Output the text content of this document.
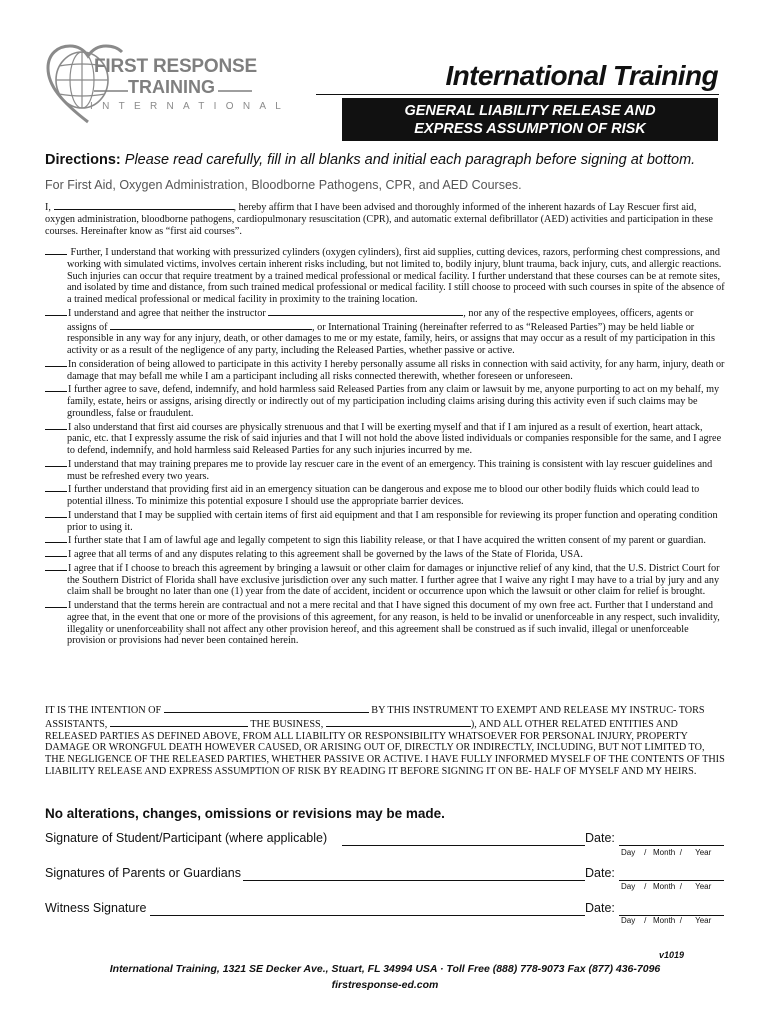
FIRST RESPONSE
TRAINING
INTERNATIONAL
International Training
GENERAL LIABILITY RELEASE AND
EXPRESS ASSUMPTION OF RISK
Directions: Please read carefully, fill in all blanks and initial each paragraph before signing at bottom.
For First Aid, Oxygen Administration, Bloodborne Pathogens, CPR, and AED Courses.
I,	, hereby affirm that I have been advised and thoroughly informed of the inherent hazards of Lay Rescuer first aid, oxygen administration, bloodborne pathogens, cardiopulmonary resuscitation (CPR), and automatic external defibrillator (AED) activities and participation in these courses. Hereinafter know as “first aid courses”.
Further, I understand that working with pressurized cylinders (oxygen cylinders), first aid supplies, cutting devices, razors, performing chest compressions, and working with simulated victims, involves certain inherent risks including, but not limited to, bodily injury, blunt trauma, back injury, cuts, and allergic reactions. Such injuries can occur that require treatment by a trained medical professional or medical facility. I further understand that these courses can be at remote sites, and isolated by time and distance, from such trained medical professional or medical facility. I still choose to proceed with such courses in spite of the absence of a trained medical professional or medical facility in proximity to the training location.
I understand and agree that neither the instructor	, nor any of the respective employees, officers, agents or assigns of	, or International Training (hereinafter referred to as “Released Parties”) may be held liable or responsible in any way for any injury, death, or other damages to me or my estate, family, heirs, or assigns that may occur as a result of my participation in this activity or as a result of the negligence of any party, including the Released Parties, whether passive or active.
In consideration of being allowed to participate in this activity I hereby personally assume all risks in connection with said activity, for any harm, injury, death or damage that may befall me while I am a participant including all risks connected therewith, whether foreseen or unforeseen.
I further agree to save, defend, indemnify, and hold harmless said Released Parties from any claim or lawsuit by me, anyone purporting to act on my behalf, my family, estate, heirs or assigns, arising directly or indirectly out of my participation including claims arising during this activity even if such claims may be groundless, false or fraudulent.
I also understand that first aid courses are physically strenuous and that I will be exerting myself and that if I am injured as a result of exertion, heart attack, panic, etc. that I expressly assume the risk of said injuries and that I will not hold the above listed individuals or companies responsible for the same, and I agree to defend, indemnify, and hold harmless said Released Parties for any such injuries incurred by me.
I understand that may training prepares me to provide lay rescuer care in the event of an emergency. This training is consistent with lay rescuer guidelines and must be refreshed every two years.
I further understand that providing first aid in an emergency situation can be dangerous and expose me to blood our other bodily fluids which could lead to potential illness. To minimize this potential exposure I should use the appropriate barrier devices.
I understand that I may be supplied with certain items of first aid equipment and that I am responsible for reviewing its proper function and operating condition prior to using it.
I further state that I am of lawful age and legally competent to sign this liability release, or that I have acquired the written consent of my parent or guardian.
I agree that all terms of and any disputes relating to this agreement shall be governed by the laws of the State of Florida, USA.
I agree that if I choose to breach this agreement by bringing a lawsuit or other claim for damages or injunctive relief of any kind, that the U.S. District Court for the Southern District of Florida shall have exclusive jurisdiction over any such matter. I further agree that I waive any right I may have to a trial by jury and any claim shall be brought no later than one (1) year from the date of accident, incident or occurrence upon which the lawsuit or other claim for relief is brought.
I understand that the terms herein are contractual and not a mere recital and that I have signed this document of my own free act. Further that I understand and agree that, in the event that one or more of the provisions of this agreement, for any reason, is held to be invalid or unenforceable in any respect, such invalidity, illegality or unenforceability shall not affect any other provision hereof, and this agreement shall be construed as if such invalid, illegal or unenforceable provision or provisions had never been contained herein.
IT IS THE INTENTION OF	BY THIS INSTRUMENT TO EXEMPT AND RELEASE MY INSTRUC- TORS ASSISTANTS,	THE BUSINESS,	), AND ALL OTHER RELATED ENTITIES AND RELEASED PARTIES AS DEFINED ABOVE, FROM ALL LIABILITY OR RESPONSIBILITY WHATSOEVER FOR PERSONAL INJURY, PROPERTY DAMAGE OR WRONGFUL DEATH HOWEVER CAUSED, OR ARISING OUT OF, DIRECTLY OR INDIRECTLY, INCLUDING, BUT NOT LIMITED TO, THE NEGLIGENCE OF THE RELEASED PARTIES, WHETHER PASSIVE OR ACTIVE. I HAVE FULLY INFORMED MYSELF OF THE CONTENTS OF THIS LIABILITY RELEASE AND EXPRESS ASSUMPTION OF RISK BY READING IT BEFORE SIGNING IT ON BE- HALF OF MYSELF AND MY HEIRS.
No alterations, changes, omissions or revisions may be made.
Signature of Student/Participant (where applicable)	Date:
Day    /   Month  /      Year
Signatures of Parents or Guardians	Date:
Day    /   Month  /      Year
Witness Signature	Date:
Day    /   Month  /      Year
v1019
International Training, 1321 SE Decker Ave., Stuart, FL 34994 USA · Toll Free (888) 778-9073 Fax (877) 436-7096
firstresponse-ed.com
